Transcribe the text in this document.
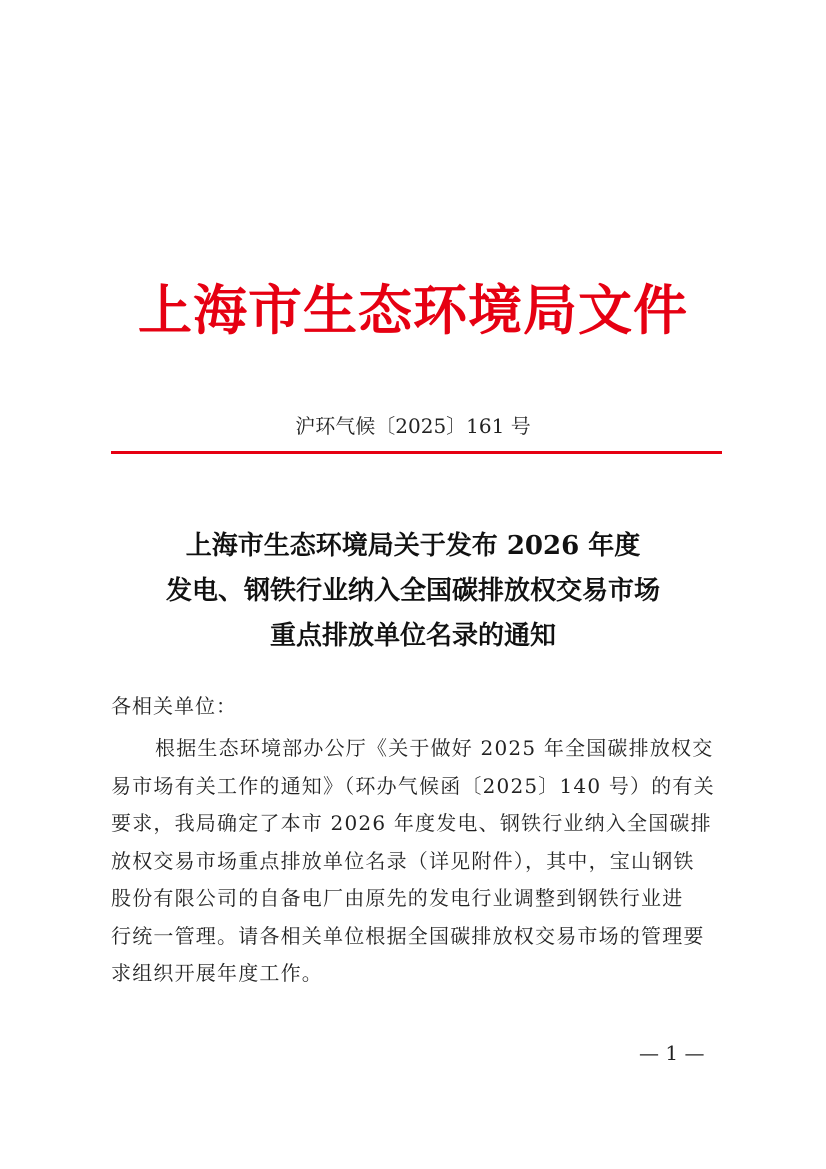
上海市生态环境局文件
沪环气候〔2025〕161 号
上海市生态环境局关于发布 2026 年度
发电、钢铁行业纳入全国碳排放权交易市场
重点排放单位名录的通知
各相关单位：
根据生态环境部办公厅《关于做好 2025 年全国碳排放权交
易市场有关工作的通知》（环办气候函〔2025〕140 号）的有关
要求，我局确定了本市 2026 年度发电、钢铁行业纳入全国碳排
放权交易市场重点排放单位名录（详见附件），其中，宝山钢铁
股份有限公司的自备电厂由原先的发电行业调整到钢铁行业进
行统一管理。请各相关单位根据全国碳排放权交易市场的管理要
求组织开展年度工作。
— 1 —
